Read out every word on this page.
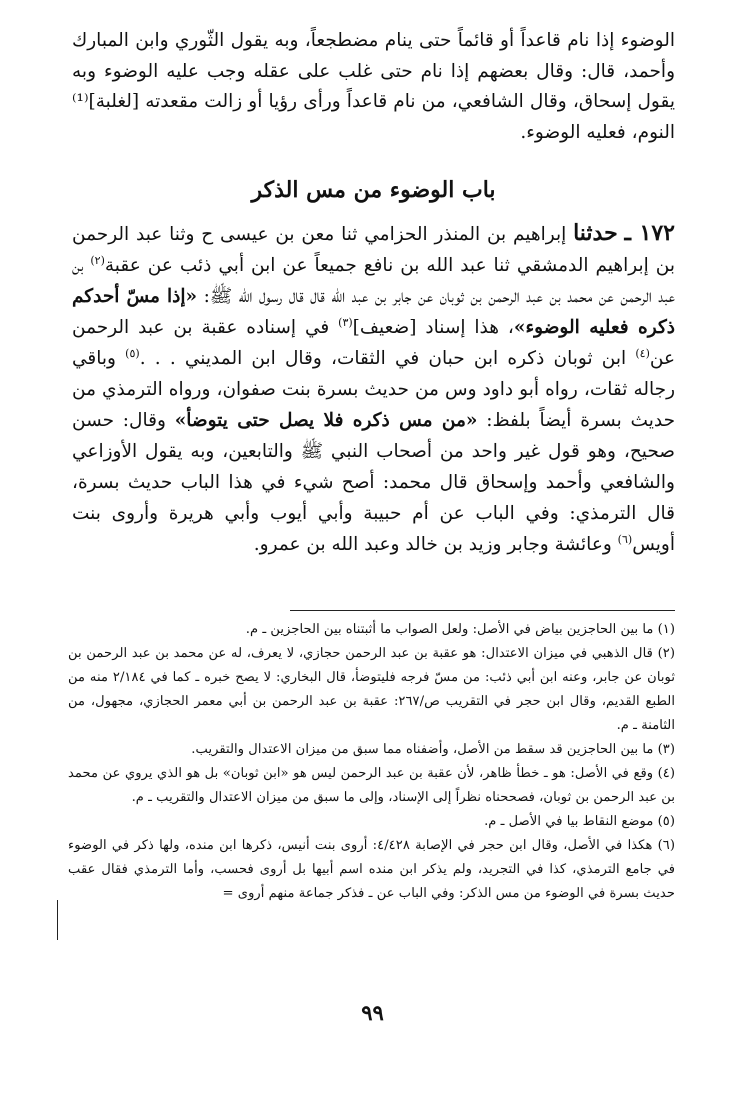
الوضوء إذا نام قاعداً أو قائماً حتى ينام مضطجعاً، وبه يقول الثّوري وابن المبارك وأحمد، قال: وقال بعضهم إذا نام حتى غلب على عقله وجب عليه الوضوء وبه يقول إسحاق، وقال الشافعي، من نام قاعداً ورأى رؤيا أو زالت مقعدته [لغلبة]⁽¹⁾ النوم، فعليه الوضوء.
باب الوضوء من مس الذكر
١٧٢ ـ حدثنا إبراهيم بن المنذر الحزامي ثنا معن بن عيسى ح وثنا عبد الرحمن بن إبراهيم الدمشقي ثنا عبد الله بن نافع جميعاً عن ابن أبي ذئب عن عقبة$^{(٢)}$ بن عبد الرحمن عن محمد بن عبد الرحمن بن ثوبان عن جابر بن عبد الله قال قال رسول الله ﷺ: «إذا مسّ أحدكم ذكره فعليه الوضوء»، هذا إسناد [ضعيف]$^{(٣)}$ في إسناده عقبة بن عبد الرحمن عن$^{(٤)}$ ابن ثوبان ذكره ابن حبان في الثقات، وقال ابن المديني . . .$^{(٥)}$ وباقي رجاله ثقات، رواه أبو داود وس من حديث بسرة بنت صفوان، ورواه الترمذي من حديث بسرة أيضاً بلفظ: «من مس ذكره فلا يصل حتى يتوضأ» وقال: حسن صحيح، وهو قول غير واحد من أصحاب النبي ﷺ والتابعين، وبه يقول الأوزاعي والشافعي وأحمد وإسحاق قال محمد: أصح شيء في هذا الباب حديث بسرة، قال الترمذي: وفي الباب عن أم حبيبة وأبي أيوب وأبي هريرة وأروى بنت أويس$^{(٦)}$ وعائشة وجابر وزيد بن خالد وعبد الله بن عمرو.

(١) ما بين الحاجزين بياض في الأصل: ولعل الصواب ما أثبتناه بين الحاجزين ـ م.

(٢) قال الذهبي في ميزان الاعتدال: هو عقبة بن عبد الرحمن حجازي، لا يعرف، له عن محمد بن عبد الرحمن بن ثوبان عن جابر، وعنه ابن أبي ذئب: من مسّ فرجه فليتوضأ، قال البخاري: لا يصح خبره ـ كما في ٢/١٨٤ منه من الطبع القديم، وقال ابن حجر في التقريب ص/٢٦٧: عقبة بن عبد الرحمن بن أبي معمر الحجازي، مجهول، من الثامنة ـ م.

(٣) ما بين الحاجزين قد سقط من الأصل، وأضفناه مما سبق من ميزان الاعتدال والتقريب.

(٤) وقع في الأصل: هو ـ خطأ ظاهر، لأن عقبة بن عبد الرحمن ليس هو «ابن ثوبان» بل هو الذي يروي عن محمد بن عبد الرحمن بن ثوبان، فصححناه نظراً إلى الإسناد، وإلى ما سبق من ميزان الاعتدال والتقريب ـ م.

(٥) موضع النقاط بيا في الأصل ـ م.

(٦) هكذا في الأصل، وقال ابن حجر في الإصابة ٤/٤٢٨: أروى بنت أنيس، ذكرها ابن منده، ولها ذكر في الوضوء في جامع الترمذي، كذا في التجريد، ولم يذكر ابن منده اسم أبيها بل أروى فحسب، وأما الترمذي فقال عقب حديث بسرة في الوضوء من مس الذكر: وفي الباب عن ـ فذكر جماعة منهم أروى =

٩٩
